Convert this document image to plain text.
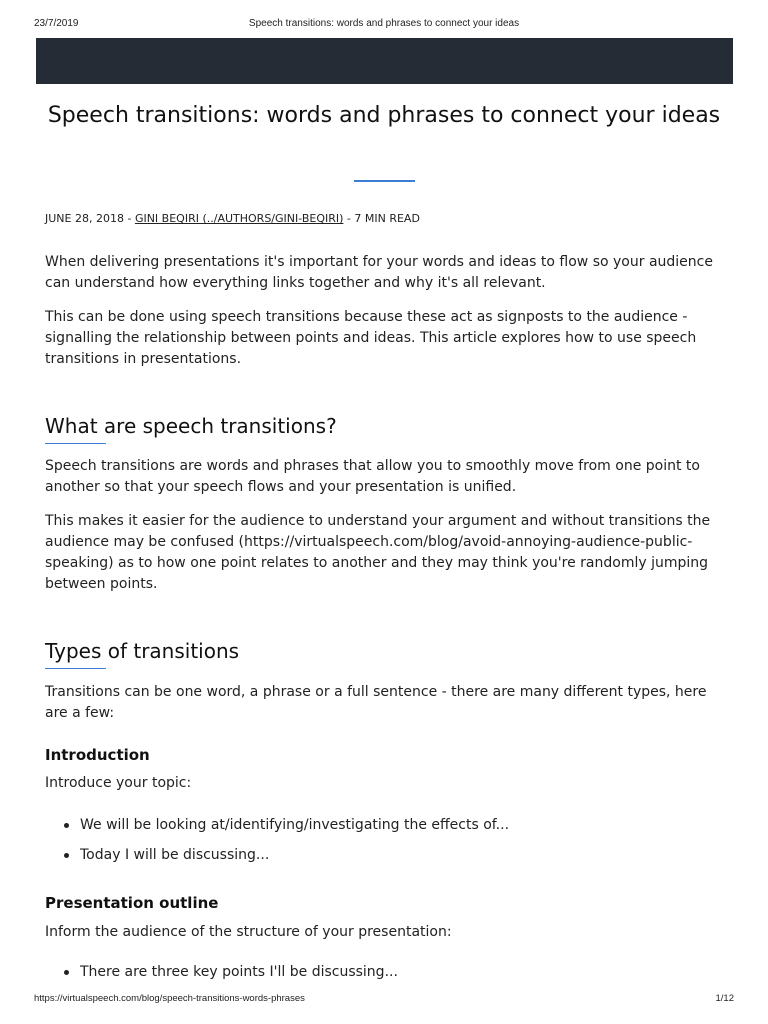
23/7/2019	Speech transitions: words and phrases to connect your ideas
Speech transitions: words and phrases to connect your ideas
JUNE 28, 2018 - GINI BEQIRI (../AUTHORS/GINI-BEQIRI) - 7 MIN READ

When delivering presentations it's important for your words and ideas to flow so your audience can understand how everything links together and why it's all relevant.

This can be done using speech transitions because these act as signposts to the audience - signalling the relationship between points and ideas. This article explores how to use speech transitions in presentations.

What are speech transitions?

Speech transitions are words and phrases that allow you to smoothly move from one point to another so that your speech flows and your presentation is unified.

This makes it easier for the audience to understand your argument and without transitions the audience may be confused (https://virtualspeech.com/blog/avoid-annoying-audience-public-speaking) as to how one point relates to another and they may think you're randomly jumping between points.

Types of transitions

Transitions can be one word, a phrase or a full sentence - there are many different types, here are a few:

Introduction

Introduce your topic:

We will be looking at/identifying/investigating the effects of...
Today I will be discussing...
Presentation outline

Inform the audience of the structure of your presentation:

There are three key points I'll be discussing...
https://virtualspeech.com/blog/speech-transitions-words-phrases	1/12
